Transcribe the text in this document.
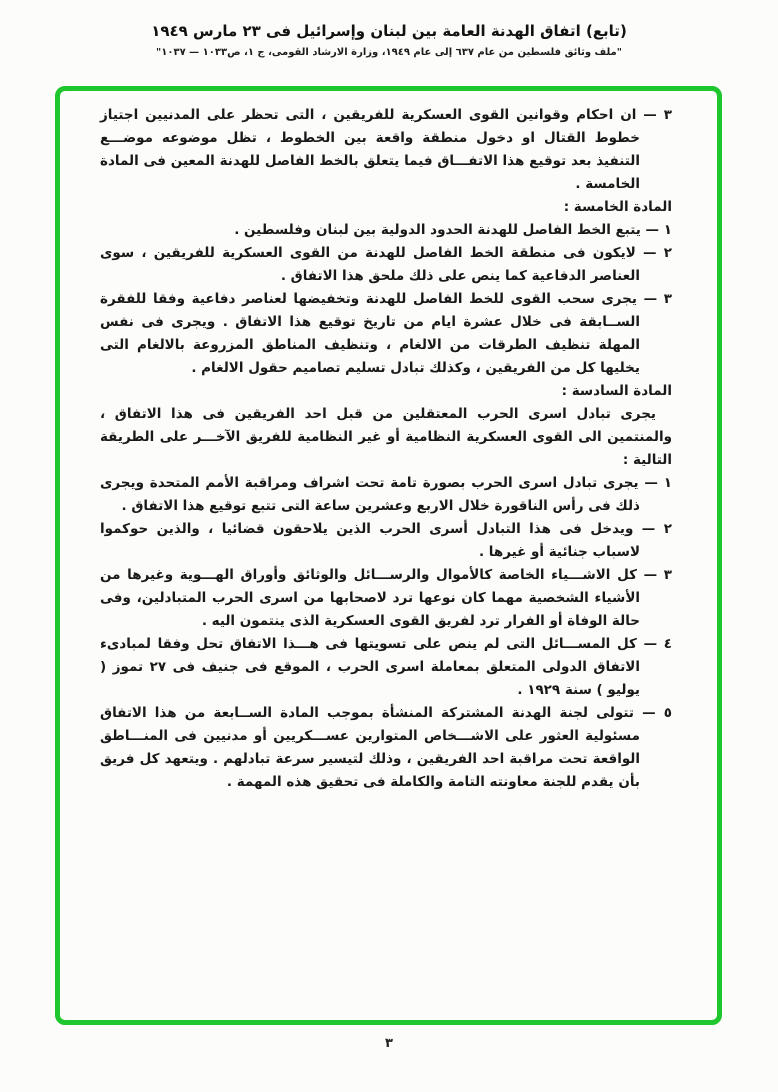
(تابع) اتفاق الهدنة العامة بين لبنان وإسرائيل فى ٢٣ مارس ١٩٤٩
"ملف وثائق فلسطين من عام ٦٣٧ إلى عام ١٩٤٩، وزارة الارشاد القومى، ج ١، ص١٠٣٣ — ١٠٣٧"

٣ — ان احكام وقوانين القوى العسكرية للفريقين ، التى تحظر على المدنيين اجتياز خطوط القتال او دخول منطقة واقعة بين الخطوط ، تظل موضوعه موضـــع التنفيذ بعد توقيع هذا الاتفـــاق فيما يتعلق بالخط الفاصل للهدنة المعين فى المادة الخامسة .

المادة الخامسة :

١ — يتبع الخط الفاصل للهدنة الحدود الدولية بين لبنان وفلسطين .

٢ — لايكون فى منطقة الخط الفاصل للهدنة من القوى العسكرية للفريقين ، سوى العناصر الدفاعية كما ينص على ذلك ملحق هذا الاتفاق .

٣ — يجرى سحب القوى للخط الفاصل للهدنة وتخفيضها لعناصر دفاعية وفقا للفقرة الســابقة فى خلال عشرة ايام من تاريخ توقيع هذا الاتفاق . ويجرى فى نفس المهلة تنظيف الطرقات من الالغام ، وتنظيف المناطق المزروعة بالالغام التى يخليها كل من الفريقين ، وكذلك تبادل تسليم تصاميم حقول الالغام .

المادة السادسة :

يجرى تبادل اسرى الحرب المعتقلين من قبل احد الفريقين فى هذا الاتفاق ، والمنتمين الى القوى العسكرية النظامية أو غير النظامية للفريق الآخـــر على الطريقة التالية :

١ — يجرى تبادل اسرى الحرب بصورة تامة تحت اشراف ومراقبة الأمم المتحدة ويجرى ذلك فى رأس الناقورة خلال الاربع وعشرين ساعة التى تتبع توقيع هذا الاتفاق .

٢ — ويدخل فى هذا التبادل أسرى الحرب الذين يلاحقون قضائيا ، والذين حوكموا لاسباب جنائية أو غيرها .

٣ — كل الاشـــياء الخاصة كالأموال والرســـائل والوثائق وأوراق الهـــوية وغيرها من الأشياء الشخصية مهما كان نوعها ترد لاصحابها من اسرى الحرب المتبادلين، وفى حالة الوفاة أو الفرار ترد لفريق القوى العسكرية الذى ينتمون اليه .

٤ — كل المســـائل التى لم ينص على تسويتها فى هـــذا الاتفاق تحل وفقا لمبادىء الاتفاق الدولى المتعلق بمعاملة اسرى الحرب ، الموقع فى جنيف فى ٢٧ تموز ( يوليو ) سنة ١٩٢٩ .

٥ — تتولى لجنة الهدنة المشتركة المنشأة بموجب المادة الســابعة من هذا الاتفاق مسئولية العثور على الاشـــخاص المتوارين عســـكريين أو مدنيين فى المنـــاطق الواقعة تحت مراقبة احد الفريقين ، وذلك لتيسير سرعة تبادلهم . ويتعهد كل فريق بأن يقدم للجنة معاونته التامة والكاملة فى تحقيق هذه المهمة .

٣
